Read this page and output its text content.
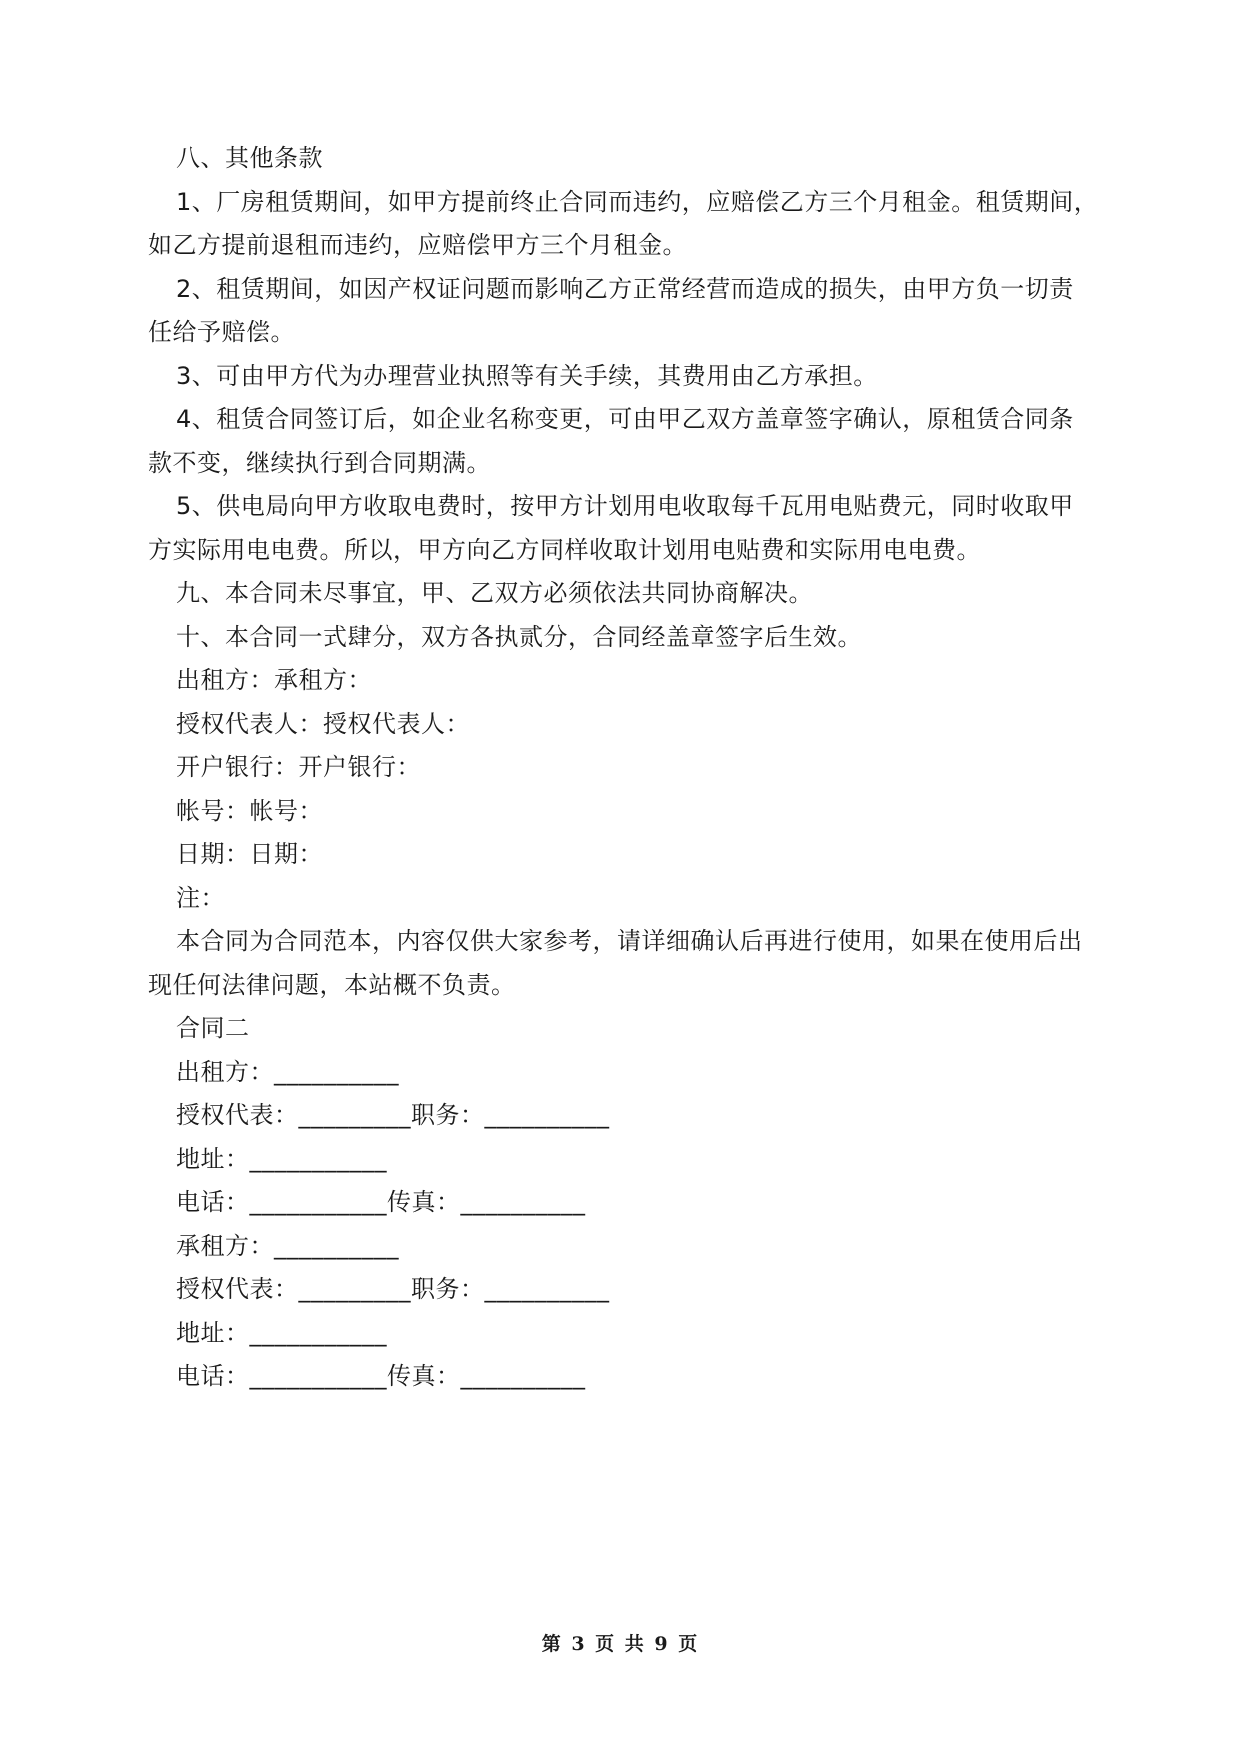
八、其他条款
1、厂房租赁期间，如甲方提前终止合同而违约，应赔偿乙方三个月租金。租赁期间，
如乙方提前退租而违约，应赔偿甲方三个月租金。
2、租赁期间，如因产权证问题而影响乙方正常经营而造成的损失，由甲方负一切责
任给予赔偿。
3、可由甲方代为办理营业执照等有关手续，其费用由乙方承担。
4、租赁合同签订后，如企业名称变更，可由甲乙双方盖章签字确认，原租赁合同条
款不变，继续执行到合同期满。
5、供电局向甲方收取电费时，按甲方计划用电收取每千瓦用电贴费元，同时收取甲
方实际用电电费。所以，甲方向乙方同样收取计划用电贴费和实际用电电费。
九、本合同未尽事宜，甲、乙双方必须依法共同协商解决。
十、本合同一式肆分，双方各执贰分，合同经盖章签字后生效。
出租方：承租方：
授权代表人：授权代表人：
开户银行：开户银行：
帐号：帐号：
日期：日期：
注：
本合同为合同范本，内容仅供大家参考，请详细确认后再进行使用，如果在使用后出
现任何法律问题，本站概不负责。
合同二
出租方：__________
授权代表：_________职务：__________
地址：___________
电话：___________传真：__________
承租方：__________
授权代表：_________职务：__________
地址：___________
电话：___________传真：__________
第 3 页 共 9 页
